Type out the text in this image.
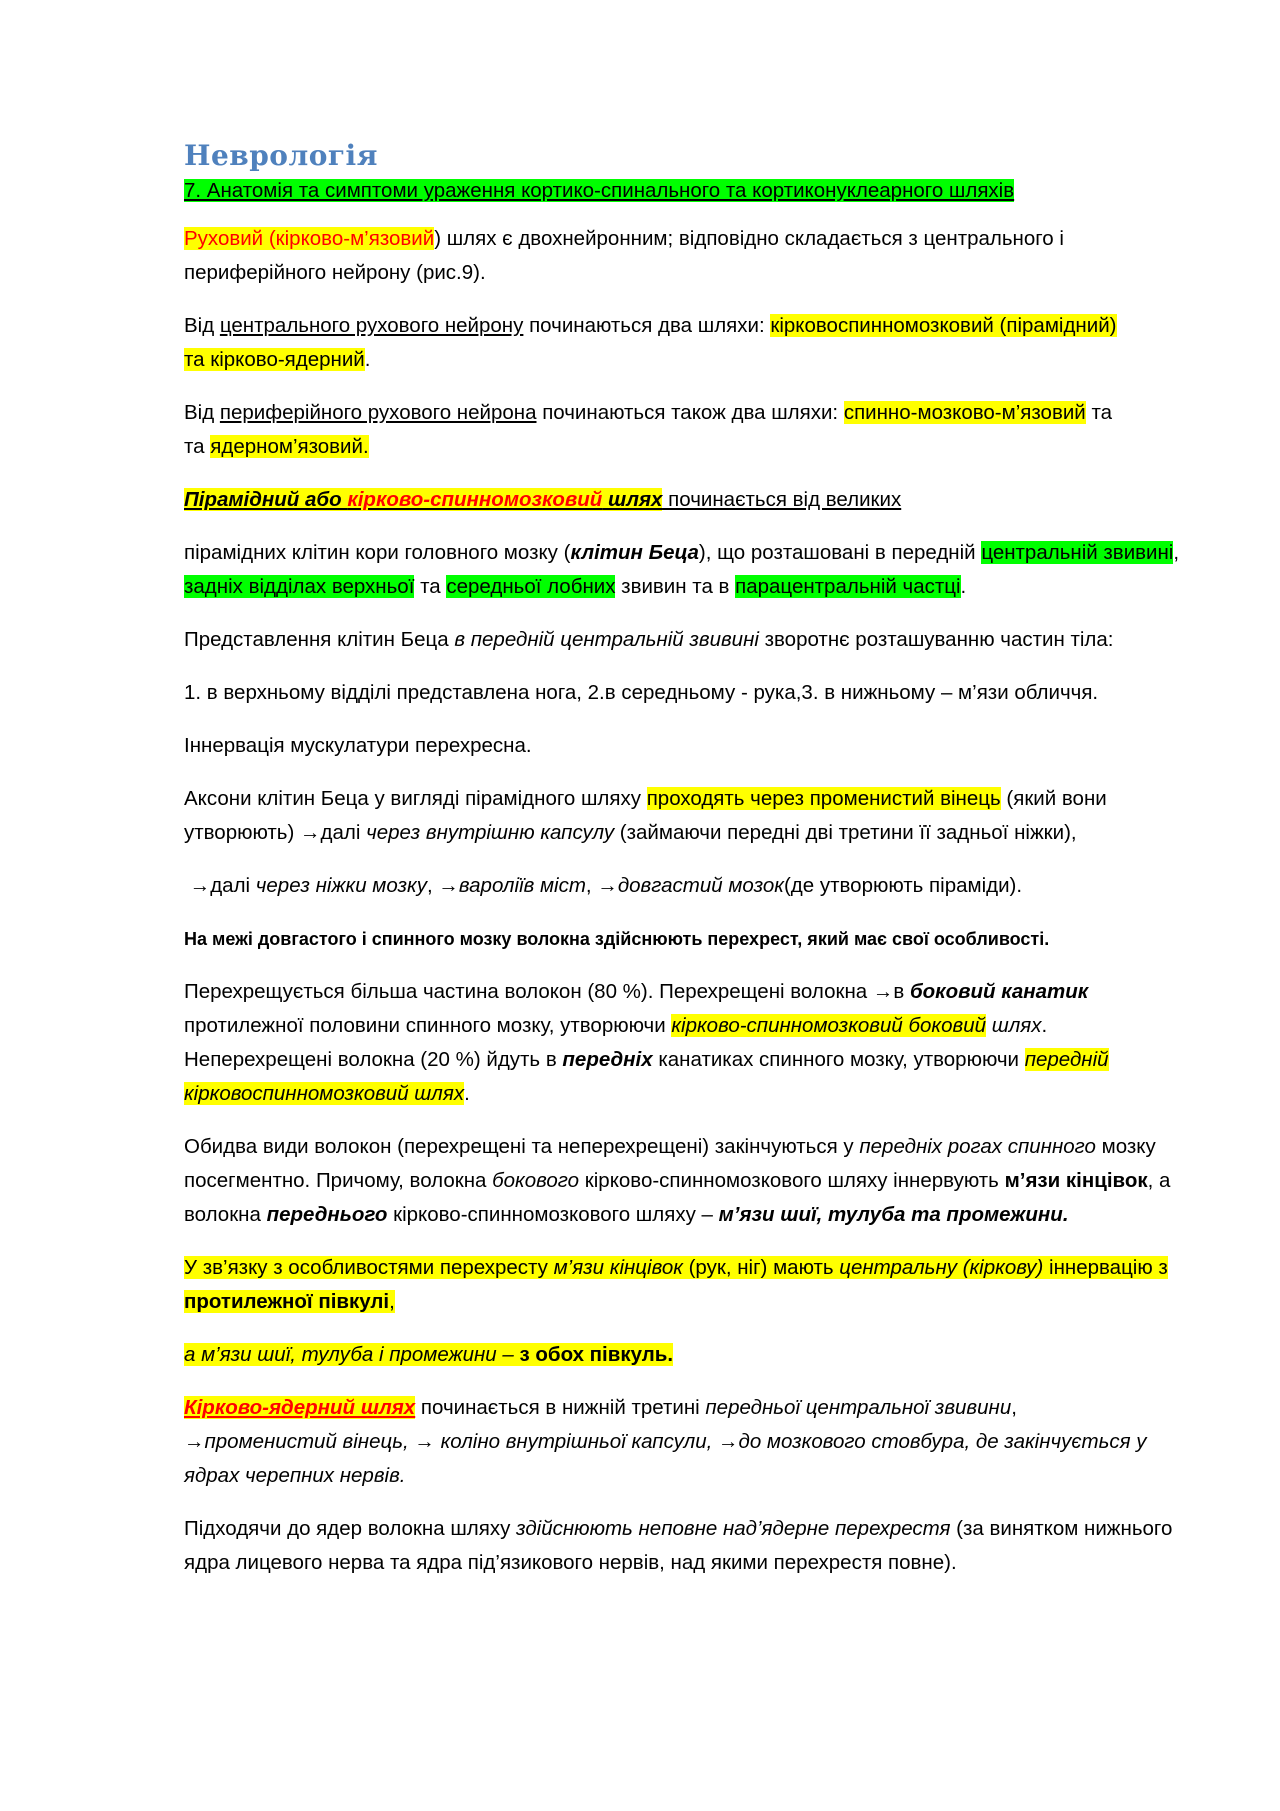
Неврологія

7. Анатомія та симптоми ураження кортико-спинального та кортиконуклеарного шляхів

Руховий (кірково-м’язовий) шлях є двохнейронним; відповідно складається з центрального і периферійного нейрону (рис.9).

Від центрального рухового нейрону починаються два шляхи: кірковоспинномозковий (пірамідний)
та кірково-ядерний.

Від периферійного рухового нейрона починаються також два шляхи: спинно-мозково-м’язовий та
та ядерном’язовий.

Пірамідний або кірково-спинномозковий шлях починається від великих

пірамідних клітин кори головного мозку (клітин Беца), що розташовані в передній центральній звивині, задніх відділах верхньої та середньої лобних звивин та в парацентральній частці.

Представлення клітин Беца в передній центральній звивині зворотнє розташуванню частин тіла:

1. в верхньому відділі представлена нога, 2.в середньому - рука,3. в нижньому – м’язи обличчя.

Іннервація мускулатури перехресна.

Аксони клітин Беца у вигляді пірамідного шляху проходять через променистий вінець (який вони утворюють) →далі через внутрішню капсулу (займаючи передні дві третини її задньої ніжки),

→далі через ніжки мозку, →вароліїв міст, →довгастий мозок(де утворюють піраміди).

На межі довгастого і спинного мозку волокна здійснюють перехрест, який має свої особливості.

Перехрещується більша частина волокон (80 %). Перехрещені волокна →в боковий канатик протилежної половини спинного мозку, утворюючи кірково-спинномозковий боковий шлях. Неперехрещені волокна (20 %) йдуть в передніх канатиках спинного мозку, утворюючи передній кірковоспинномозковий шлях.

Обидва види волокон (перехрещені та неперехрещені) закінчуються у передніх рогах спинного мозку посегментно. Причому, волокна бокового кірково-спинномозкового шляху іннервують м’язи кінцівок, а волокна переднього кірково-спинномозкового шляху – м’язи шиї, тулуба та промежини.

У зв’язку з особливостями перехресту м’язи кінцівок (рук, ніг) мають центральну (кіркову) іннервацію з протилежної півкулі,

а м’язи шиї, тулуба і промежини – з обох півкуль.

Кірково-ядерний шлях починається в нижній третині передньої центральної звивини,
→променистий вінець, → коліно внутрішньої капсули, →до мозкового стовбура, де закінчується у ядрах черепних нервів.

Підходячи до ядер волокна шляху здійснюють неповне над’ядерне перехрестя (за винятком нижнього ядра лицевого нерва та ядра під’язикового нервів, над якими перехрестя повне).
